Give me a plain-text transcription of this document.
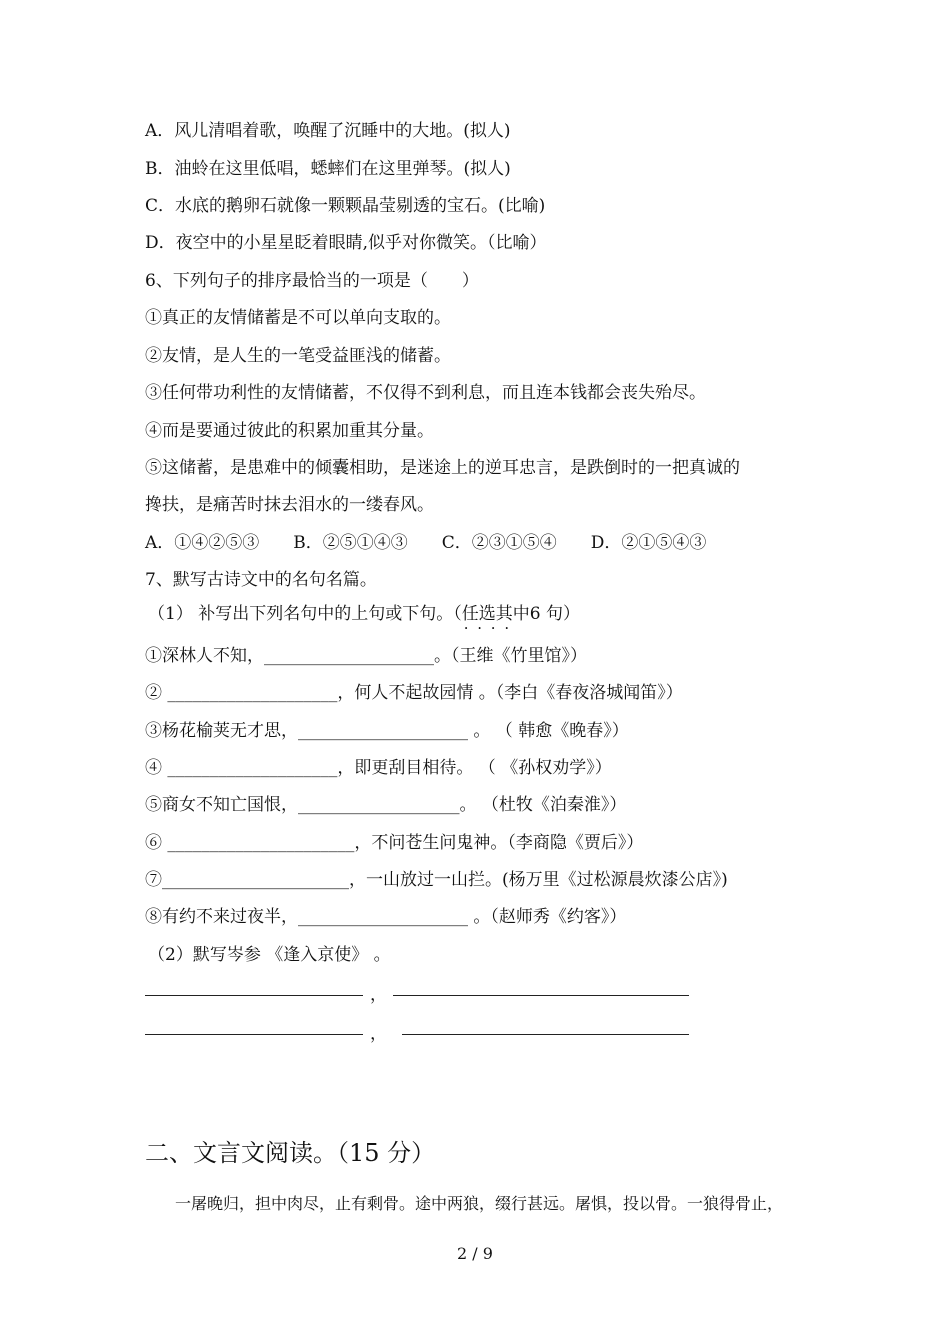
A．风儿清唱着歌，唤醒了沉睡中的大地。(拟人)
B．油蛉在这里低唱，蟋蟀们在这里弹琴。(拟人)
C．水底的鹅卵石就像一颗颗晶莹剔透的宝石。(比喻)
D．夜空中的小星星眨着眼睛,似乎对你微笑。（比喻）
6、下列句子的排序最恰当的一项是（　　）
①真正的友情储蓄是不可以单向支取的。
②友情，是人生的一笔受益匪浅的储蓄。
③任何带功利性的友情储蓄，不仅得不到利息，而且连本钱都会丧失殆尽。
④而是要通过彼此的积累加重其分量。
⑤这储蓄，是患难中的倾囊相助，是迷途上的逆耳忠言，是跌倒时的一把真诚的
搀扶，是痛苦时抹去泪水的一缕春风。
A．①④②⑤③　　B．②⑤①④③　　C．②③①⑤④　　D．②①⑤④③
7、默写古诗文中的名句名篇。
（1） 补写出下列名句中的上句或下句。（任选其中 · · · ·6 句）
①深林人不知，____________________。（王维《竹里馆》）
② ____________________，何人不起故园情 。（李白《春夜洛城闻笛》）
③杨花榆荚无才思，____________________ 。 （ 韩愈《晚春》）
④ ____________________，即更刮目相待。 （ 《孙权劝学》）
⑤商女不知亡国恨，___________________。 （杜牧《泊秦淮》）
⑥ ______________________，不问苍生问鬼神。（李商隐《贾后》）
⑦______________________，一山放过一山拦。(杨万里《过松源晨炊漆公店》)
⑧有约不来过夜半，____________________ 。（赵师秀《约客》）
（2）默写岑参 《逢入京使》 。
，
，
二、文言文阅读。（15 分）
一屠晚归，担中肉尽，止有剩骨。途中两狼，缀行甚远。屠惧，投以骨。一狼得骨止，
2 / 9
